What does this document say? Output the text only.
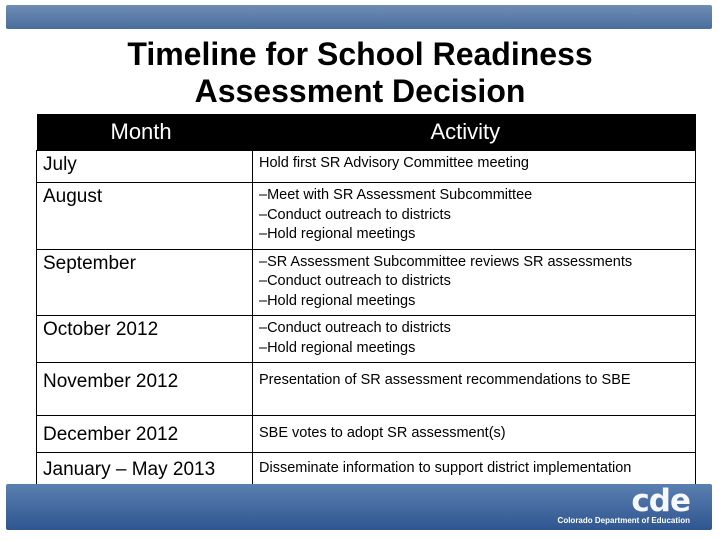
Timeline for School Readiness
Assessment Decision
Month	Activity
July	Hold first SR Advisory Committee meeting

August	–Meet with SR Assessment Subcommittee
–Conduct outreach to districts
–Hold regional meetings

September	–SR Assessment Subcommittee reviews SR assessments
–Conduct outreach to districts
–Hold regional meetings

October 2012	–Conduct outreach to districts
–Hold regional meetings

November 2012	Presentation of SR assessment recommendations to SBE

December 2012	SBE votes to adopt SR assessment(s)

January – May 2013	Disseminate information to support district implementation
cde
Colorado Department of Education
